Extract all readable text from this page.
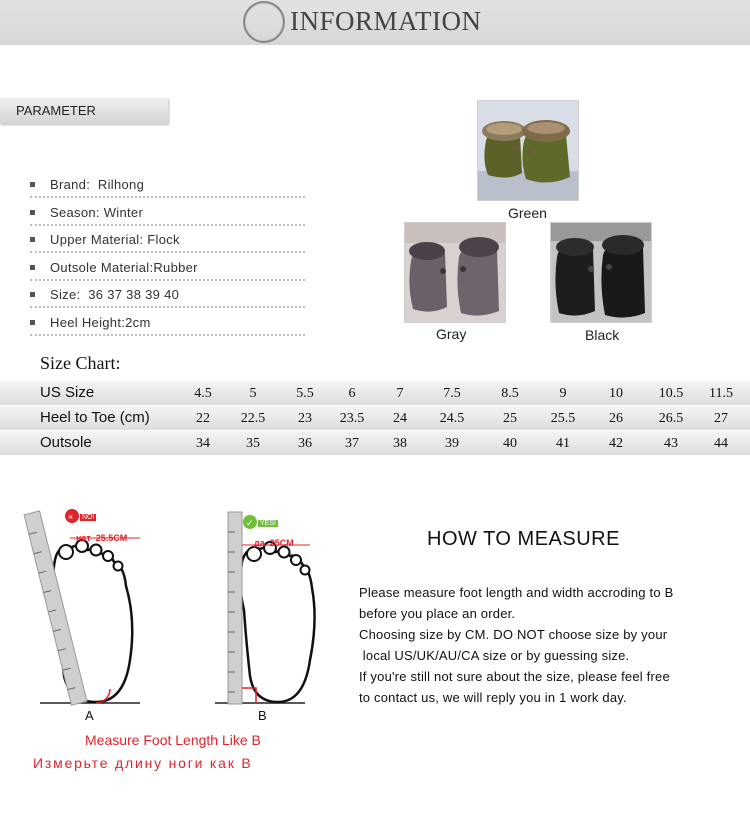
INFORMATION
PARAMETER
Brand:  Rilhong
Season: Winter
Upper Material: Flock
Outsole Material:Rubber
Size:  36 37 38 39 40
Heel Height:2cm
Green
Gray	Black
Size Chart:
US Size	4.5	5	5.5	6	7	7.5	8.5	9	10	10.5	11.5
Heel to Toe (cm)	22	22.5	23	23.5	24	24.5	25	25.5	26	26.5	27
Outsole	34	35	36	37	38	39	40	41	42	43	44
×
✓
NO!
YES!
нет  25.5CM	да  25CM
A	B
Measure Foot Length Like B
Измерьте длину ноги как B
HOW TO MEASURE
Please measure foot length and width accroding to B
before you place an order.
Choosing size by CM. DO NOT choose size by your
local US/UK/AU/CA size or by guessing size.
If you're still not sure about the size, please feel free
to contact us, we will reply you in 1 work day.
